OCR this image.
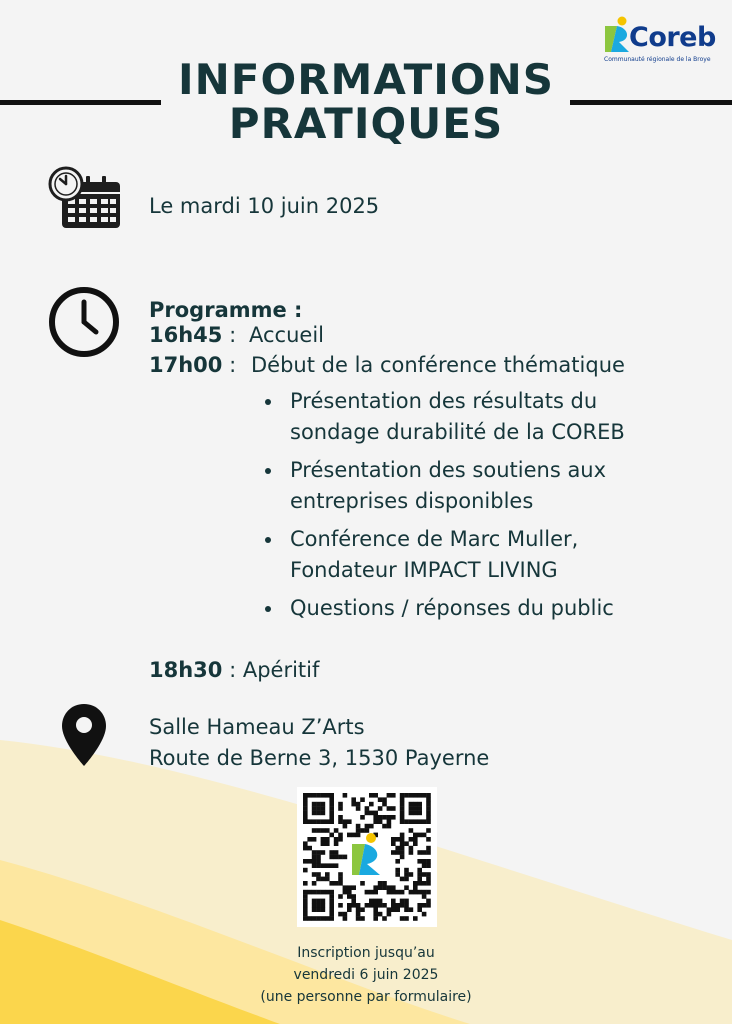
Coreb
Communauté régionale de la Broye
INFORMATIONS
PRATIQUES
Le mardi 10 juin 2025
Programme :
16h45 : Accueil
17h00 : Début de la conférence thématique
Présentation des résultats du
sondage durabilité de la COREB
Présentation des soutiens aux
entreprises disponibles
Conférence de Marc Muller,
Fondateur IMPACT LIVING
Questions / réponses du public
18h30 : Apéritif
Salle Hameau Z’Arts
Route de Berne 3, 1530 Payerne
Inscription jusqu’au
vendredi 6 juin 2025
(une personne par formulaire)
